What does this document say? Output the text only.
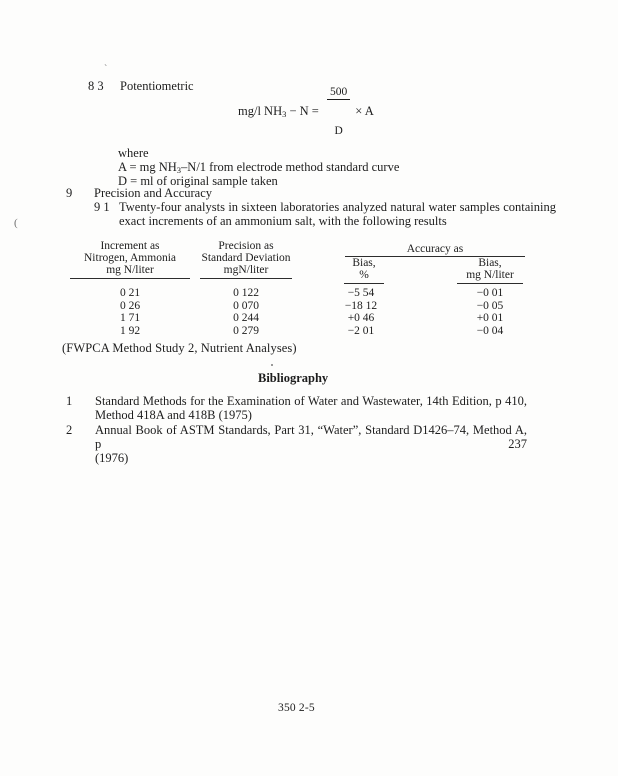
`
(
8 3 Potentiometric
mg/l $NH_3 - N$ =

$\frac{500}{D}$

× A
where
A = mg $NH_3-N/1$ from electrode method standard curve
D = ml of original sample taken
9 Precision and Accuracy
9 1 Twenty-four analysts in sixteen laboratories analyzed natural water samples containing
exact increments of an ammonium salt, with the following results
Increment as
Nitrogen, Ammonia
mg N/liter
Precision as
Standard Deviation
mgN/liter
Accuracy as
Bias,
%
Bias,
mg N/liter
0 21
0 26
1 71
1 92
0 122
0 070
0 244
0 279
−5 54
−18 12
+0 46
−2 01
−0 01
−0 05
+0 01
−0 04
(FWPCA Method Study 2, Nutrient Analyses)
Bibliography
1 Standard Methods for the Examination of Water and Wastewater, 14th Edition, p 410,
Method 418A and 418B (1975)
2 Annual Book of ASTM Standards, Part 31, “Water”, Standard D1426–74, Method A, p 237
(1976)
350 2-5
